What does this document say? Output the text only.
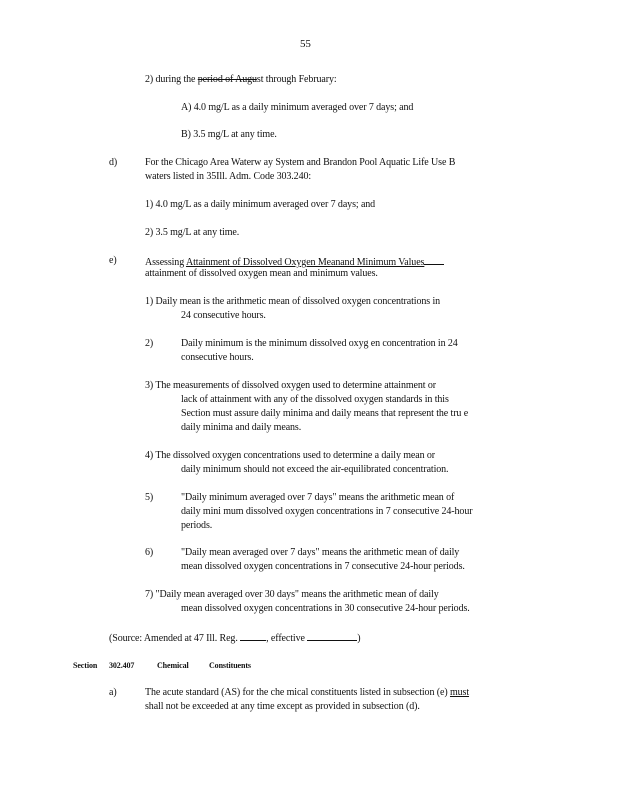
55
2) during the period of August through February:
A) 4.0 mg/L as a daily minimum averaged over 7 days; and
B) 3.5 mg/L at any time.
d)	For the Chicago Area Waterw ay System and Brandon Pool Aquatic Life Use B
waters listed in 35Ill. Adm. Code 303.240:
1) 4.0 mg/L as a daily minimum averaged over 7 days; and
2) 3.5 mg/L at any time.
e)	Assessing Attainment of Dissolved Oxygen Meanand Minimum Values
attainment of dissolved oxygen mean and minimum values.
1) Daily mean is the arithmetic mean of dissolved oxygen concentrations in
24 consecutive hours.
2)	Daily minimum is the minimum dissolved oxyg en concentration in 24
consecutive hours.
3) The measurements of dissolved oxygen used to determine attainment or
lack of attainment with any of the dissolved oxygen standards in this
Section must assure daily minima and daily means that represent the tru e
daily minima and daily means.
4) The dissolved oxygen concentrations used to determine a daily mean or
daily minimum should not exceed the air-equilibrated concentration.
5)	"Daily minimum averaged over 7 days" means the arithmetic mean of
daily mini mum dissolved oxygen concentrations in 7 consecutive 24-hour
periods.
6)	"Daily mean averaged over 7 days" means the arithmetic mean of daily
mean dissolved oxygen concentrations in 7 consecutive 24-hour periods.
7) "Daily mean averaged over 30 days" means the arithmetic mean of daily
mean dissolved oxygen concentrations in 30 consecutive 24-hour periods.
(Source: Amended at 47 Ill. Reg.	, effective	)
Section 302.407	Chemical	Constituents
a)	The acute standard (AS) for the che mical constituents listed in subsection (e) must
shall not be exceeded at any time except as provided in subsection (d).
